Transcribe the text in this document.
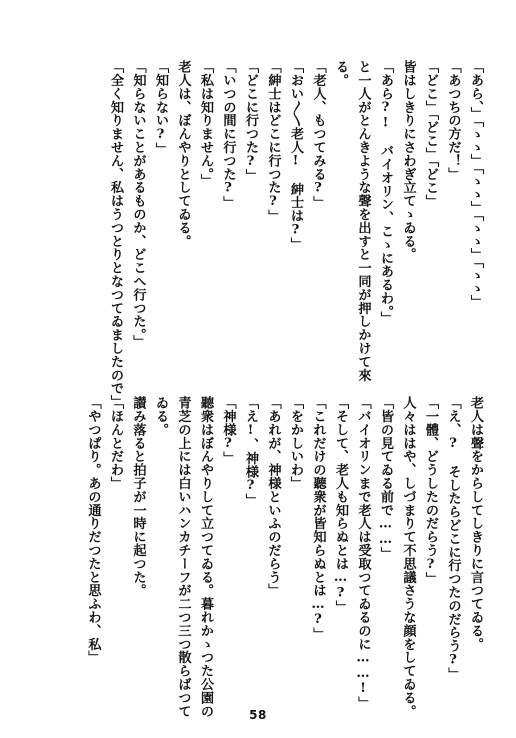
「あら、」「ゝゝ」「ゝゝ」「ゝゝ」「ゝゝ」
「あつちの方だ！」
「どこ」「どこ」「どこ」
皆はしきりにさわぎ立てゝゐる。
「あら?!　バイオリン、こゝにあるわ。」
と一人がとんきような聲を出すと一同が押しかけて來
る。
「老人、もつてみる?」
「おい〳〵老人!　紳士は?」
「紳士はどこに行つた?」
「どこに行つた?」
「いつの間に行つた?」
「私は知りません。」
老人は、ぼんやりとしてゐる。
「知らない?」
「知らないことがあるものか、どこへ行つた。」
「全く知りません、私はうつとりとなつてゐましたので」
老人は聲をからしてしきりに言つてゐる。
「え、?　そしたらどこに行つたのだらう?」
「一體、どうしたのだらう?」
人々ははや、しづまりて不思議さうな顔をしてゐる。
「皆の見てゐる前で……」
「バイオリンまで老人は受取つてゐるのに……!」
「そして、老人も知らぬとは…?」
「これだけの聽衆が皆知らぬとは…?」
「をかしいわ」
「あれが、神様といふのだらう」
「え!、神様?」
「神様?」
聽衆はぼんやりして立つてゐる。暮れかゝつた公園の
青芝の上には白いハンカチーフが二つ三つ散らばつて
ゐる。
讃み落ると拍子が一時に起つた。
「ほんとだわ」
「やつぱり。あの通りだつたと思ふわ、私」
58
